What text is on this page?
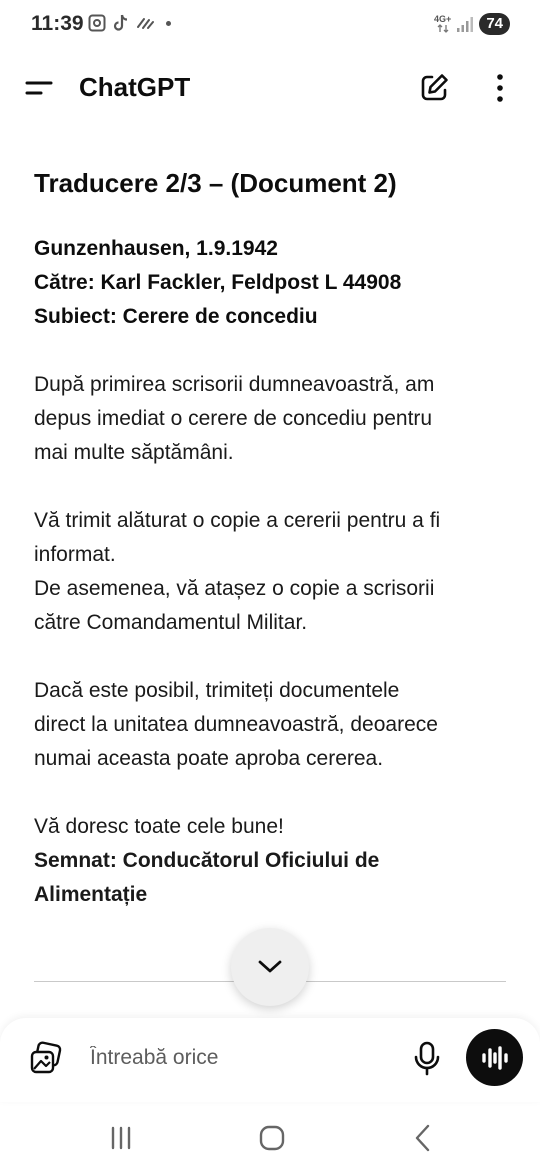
11:39	4G+	74
ChatGPT
Traducere 2/3 – (Document 2)
Gunzenhausen, 1.9.1942
Către: Karl Fackler, Feldpost L 44908
Subiect: Cerere de concediu
După primirea scrisorii dumneavoastră, am
depus imediat o cerere de concediu pentru
mai multe săptămâni.
Vă trimit alăturat o copie a cererii pentru a fi
informat.
De asemenea, vă atașez o copie a scrisorii
către Comandamentul Militar.
Dacă este posibil, trimiteți documentele
direct la unitatea dumneavoastră, deoarece
numai aceasta poate aproba cererea.
Vă doresc toate cele bune!
Semnat: Conducătorul Oficiului de
Alimentație
Întreabă orice
